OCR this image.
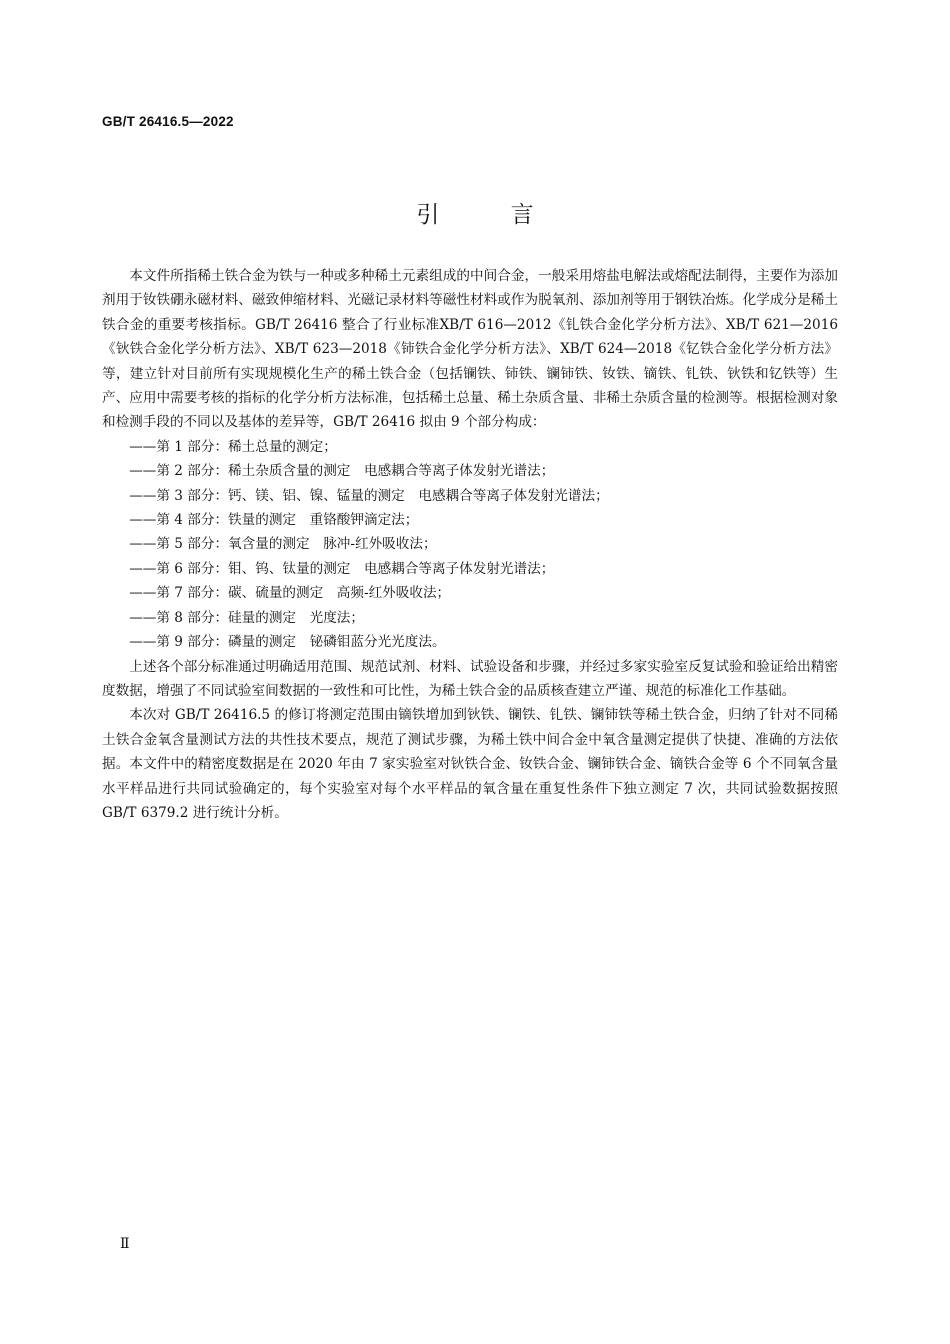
GB/T 26416.5—2022
引 言

本文件所指稀土铁合金为铁与一种或多种稀土元素组成的中间合金，一般采用熔盐电解法或熔配法制得，主要作为添加剂用于钕铁硼永磁材料、磁致伸缩材料、光磁记录材料等磁性材料或作为脱氧剂、添加剂等用于钢铁冶炼。化学成分是稀土铁合金的重要考核指标。GB/T 26416 整合了行业标准XB/T 616—2012《钆铁合金化学分析方法》、XB/T 621—2016《钬铁合金化学分析方法》、XB/T 623—2018《铈铁合金化学分析方法》、XB/T 624—2018《钇铁合金化学分析方法》等，建立针对目前所有实现规模化生产的稀土铁合金（包括镧铁、铈铁、镧铈铁、钕铁、镝铁、钆铁、钬铁和钇铁等）生产、应用中需要考核的指标的化学分析方法标准，包括稀土总量、稀土杂质含量、非稀土杂质含量的检测等。根据检测对象和检测手段的不同以及基体的差异等，GB/T 26416 拟由 9 个部分构成：

——第 1 部分：稀土总量的测定；
——第 2 部分：稀土杂质含量的测定　电感耦合等离子体发射光谱法；
——第 3 部分：钙、镁、铝、镍、锰量的测定　电感耦合等离子体发射光谱法；
——第 4 部分：铁量的测定　重铬酸钾滴定法；
——第 5 部分：氧含量的测定　脉冲-红外吸收法；
——第 6 部分：钼、钨、钛量的测定　电感耦合等离子体发射光谱法；
——第 7 部分：碳、硫量的测定　高频-红外吸收法；
——第 8 部分：硅量的测定　光度法；
——第 9 部分：磷量的测定　铋磷钼蓝分光光度法。

上述各个部分标准通过明确适用范围、规范试剂、材料、试验设备和步骤，并经过多家实验室反复试验和验证给出精密度数据，增强了不同试验室间数据的一致性和可比性，为稀土铁合金的品质核查建立严谨、规范的标准化工作基础。

本次对 GB/T 26416.5 的修订将测定范围由镝铁增加到钬铁、镧铁、钆铁、镧铈铁等稀土铁合金，归纳了针对不同稀土铁合金氧含量测试方法的共性技术要点，规范了测试步骤，为稀土铁中间合金中氧含量测定提供了快捷、准确的方法依据。本文件中的精密度数据是在 2020 年由 7 家实验室对钬铁合金、钕铁合金、镧铈铁合金、镝铁合金等 6 个不同氧含量水平样品进行共同试验确定的，每个实验室对每个水平样品的氧含量在重复性条件下独立测定 7 次，共同试验数据按照 GB/T 6379.2 进行统计分析。

Ⅱ
